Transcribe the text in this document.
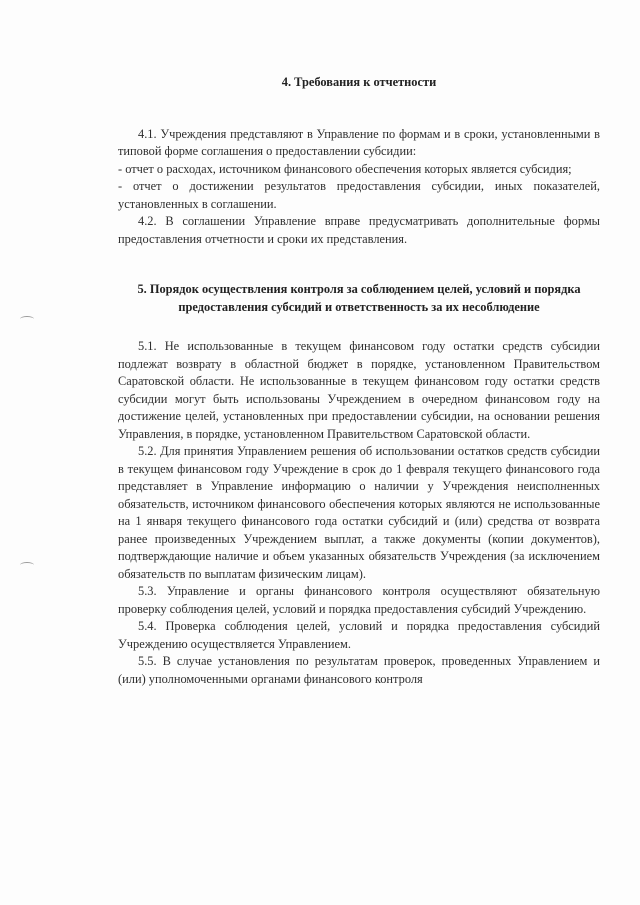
4. Требования к отчетности

4.1. Учреждения представляют в Управление по формам и в сроки, установленными в типовой форме соглашения о предоставлении субсидии:

- отчет о расходах, источником финансового обеспечения которых является субсидия;

- отчет о достижении результатов предоставления субсидии, иных показателей, установленных в соглашении.

4.2. В соглашении Управление вправе предусматривать дополнительные формы предоставления отчетности и сроки их представления.

5. Порядок осуществления контроля за соблюдением целей, условий и порядка предоставления субсидий и ответственность за их несоблюдение

5.1. Не использованные в текущем финансовом году остатки средств субсидии подлежат возврату в областной бюджет в порядке, установленном Правительством Саратовской области. Не использованные в текущем финансовом году остатки средств субсидии могут быть использованы Учреждением в очередном финансовом году на достижение целей, установленных при предоставлении субсидии, на основании решения Управления, в порядке, установленном Правительством Саратовской области.

5.2. Для принятия Управлением решения об использовании остатков средств субсидии в текущем финансовом году Учреждение в срок до 1 февраля текущего финансового года представляет в Управление информацию о наличии у Учреждения неисполненных обязательств, источником финансового обеспечения которых являются не использованные на 1 января текущего финансового года остатки субсидий и (или) средства от возврата ранее произведенных Учреждением выплат, а также документы (копии документов), подтверждающие наличие и объем указанных обязательств Учреждения (за исключением обязательств по выплатам физическим лицам).

5.3. Управление и органы финансового контроля осуществляют обязательную проверку соблюдения целей, условий и порядка предоставления субсидий Учреждению.

5.4. Проверка соблюдения целей, условий и порядка предоставления субсидий Учреждению осуществляется Управлением.

5.5. В случае установления по результатам проверок, проведенных Управлением и (или) уполномоченными органами финансового контроля
